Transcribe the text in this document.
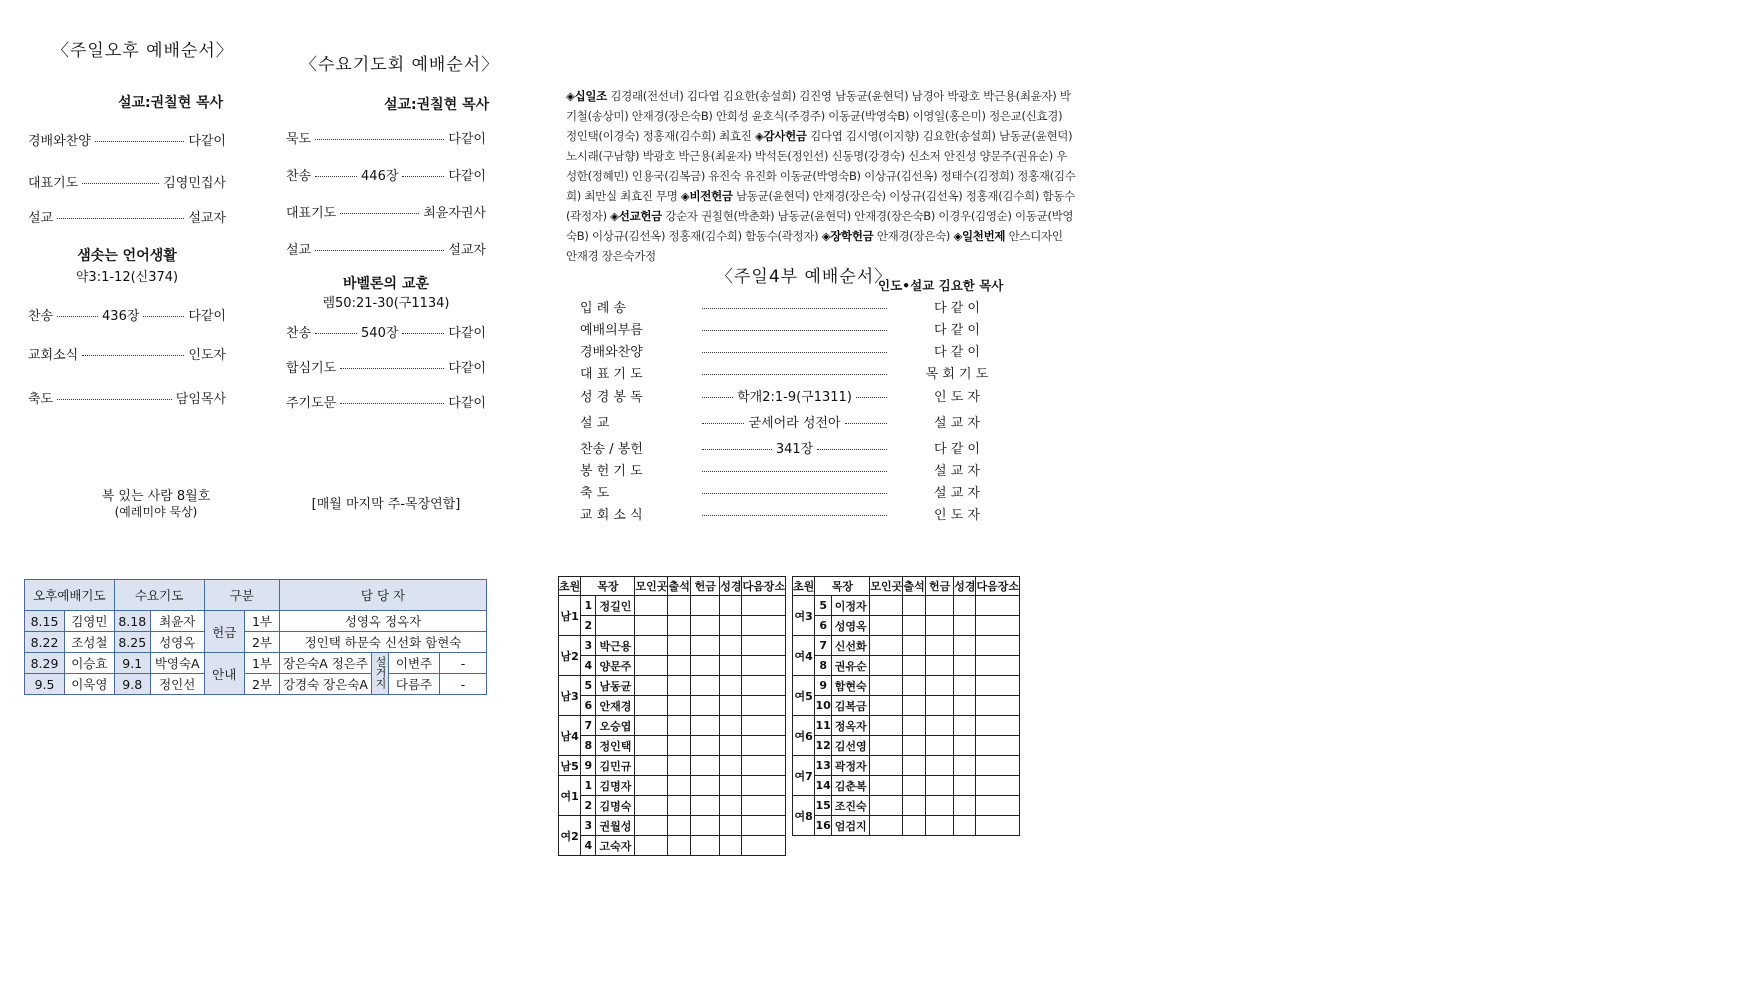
〈주일오후 예배순서〉
설교:권칠현 목사
경배와찬양	다같이
대표기도	김영민집사
설교	설교자
샘솟는 언어생활
약3:1-12(신374)
찬송	436장	다같이
교회소식	인도자
축도	담임목사
복 있는 사람 8월호
(예레미야 묵상)
〈수요기도회 예배순서〉
설교:권칠현 목사
묵도	다같이
찬송	446장	다같이
대표기도	최윤자권사
설교	설교자
바벨론의 교훈
렘50:21-30(구1134)
찬송	540장	다같이
합심기도	다같이
주기도문	다같이
[매월 마지막 주-목장연합]
◈십일조 김경래(전선녀) 김다엽 김요한(송설희) 김진영 남동균(윤현덕) 남경아 박광호 박근용(최윤자) 박기철(송상미) 안재경(장은숙B) 안희성 윤호식(주경주) 이동균(박영숙B) 이영일(홍은미) 정은교(신효경) 정인택(이경숙) 정홍재(김수희) 최효진 ◈감사헌금 김다엽 김시영(이지향) 김요한(송설희) 남동균(윤현덕) 노시래(구남향) 박광호 박근용(최윤자) 박석돈(정인선) 신동명(강경숙) 신소저 안진성 양문주(권유순) 우성한(정혜민) 인용국(김복금) 유진숙 유진화 이동균(박영숙B) 이상규(김선옥) 정태수(김정희) 정홍재(김수희) 최만실 최효진 무명 ◈비전헌금 남동균(윤현덕) 안재경(장은숙) 이상규(김선옥) 정홍재(김수희) 함동수(곽정자) ◈선교헌금 강순자 권칠현(박춘화) 남동균(윤현덕) 안재경(장은숙B) 이경우(김영순) 이동균(박영숙B) 이상규(김선옥) 정홍재(김수희) 함동수(곽정자) ◈장학헌금 안재경(장은숙) ◈일천번제 안스디자인 안재경 장은숙가정
〈주일4부 예배순서〉
인도•설교 김요한 목사
입 례 송	다 같 이
예배의부름	다 같 이
경배와찬양	다 같 이
대 표 기 도	목 회 기 도
성 경 봉 독	학개2:1-9(구1311)	인 도 자
설 교	굳세어라 성전아	설 교 자
찬송 / 봉헌	341장	다 같 이
봉 헌 기 도	설 교 자
축 도	설 교 자
교 회 소 식	인 도 자
오후예배기도		수요기도		구분		담 당 자			
8.15	김영민	8.18	최윤자	헌금	1부	성영옥 정옥자			
8.22	조성철	8.25	성영옥		2부	정인택 하문숙 신선화 함현숙			
8.29	이승효	9.1	박영숙A	안내	1부	장은숙A 정은주	설거지	이변주	-
9.5	이욱영	9.8	정인선		2부	강경숙 장은숙A		다름주	-
초원	목장		모인곳	출석	헌금	성경	다음장소
남1	1	정길인					
	2						
남2	3	박근용					
	4	양문주					
남3	5	남동균					
	6	안재경					
남4	7	오승엽					
	8	정인택					
남5	9	김민규					
여1	1	김명자					
	2	김명숙					
여2	3	권월성					
	4	고숙자					
초원	목장		모인곳	출석	헌금	성경	다음장소
여3	5	이정자					
	6	성영옥					
여4	7	신선화					
	8	권유순					
여5	9	함현숙					
	10	김복금					
여6	11	정옥자					
	12	김선영					
여7	13	곽정자					
	14	김춘복					
여8	15	조진숙					
	16	엄검지					
